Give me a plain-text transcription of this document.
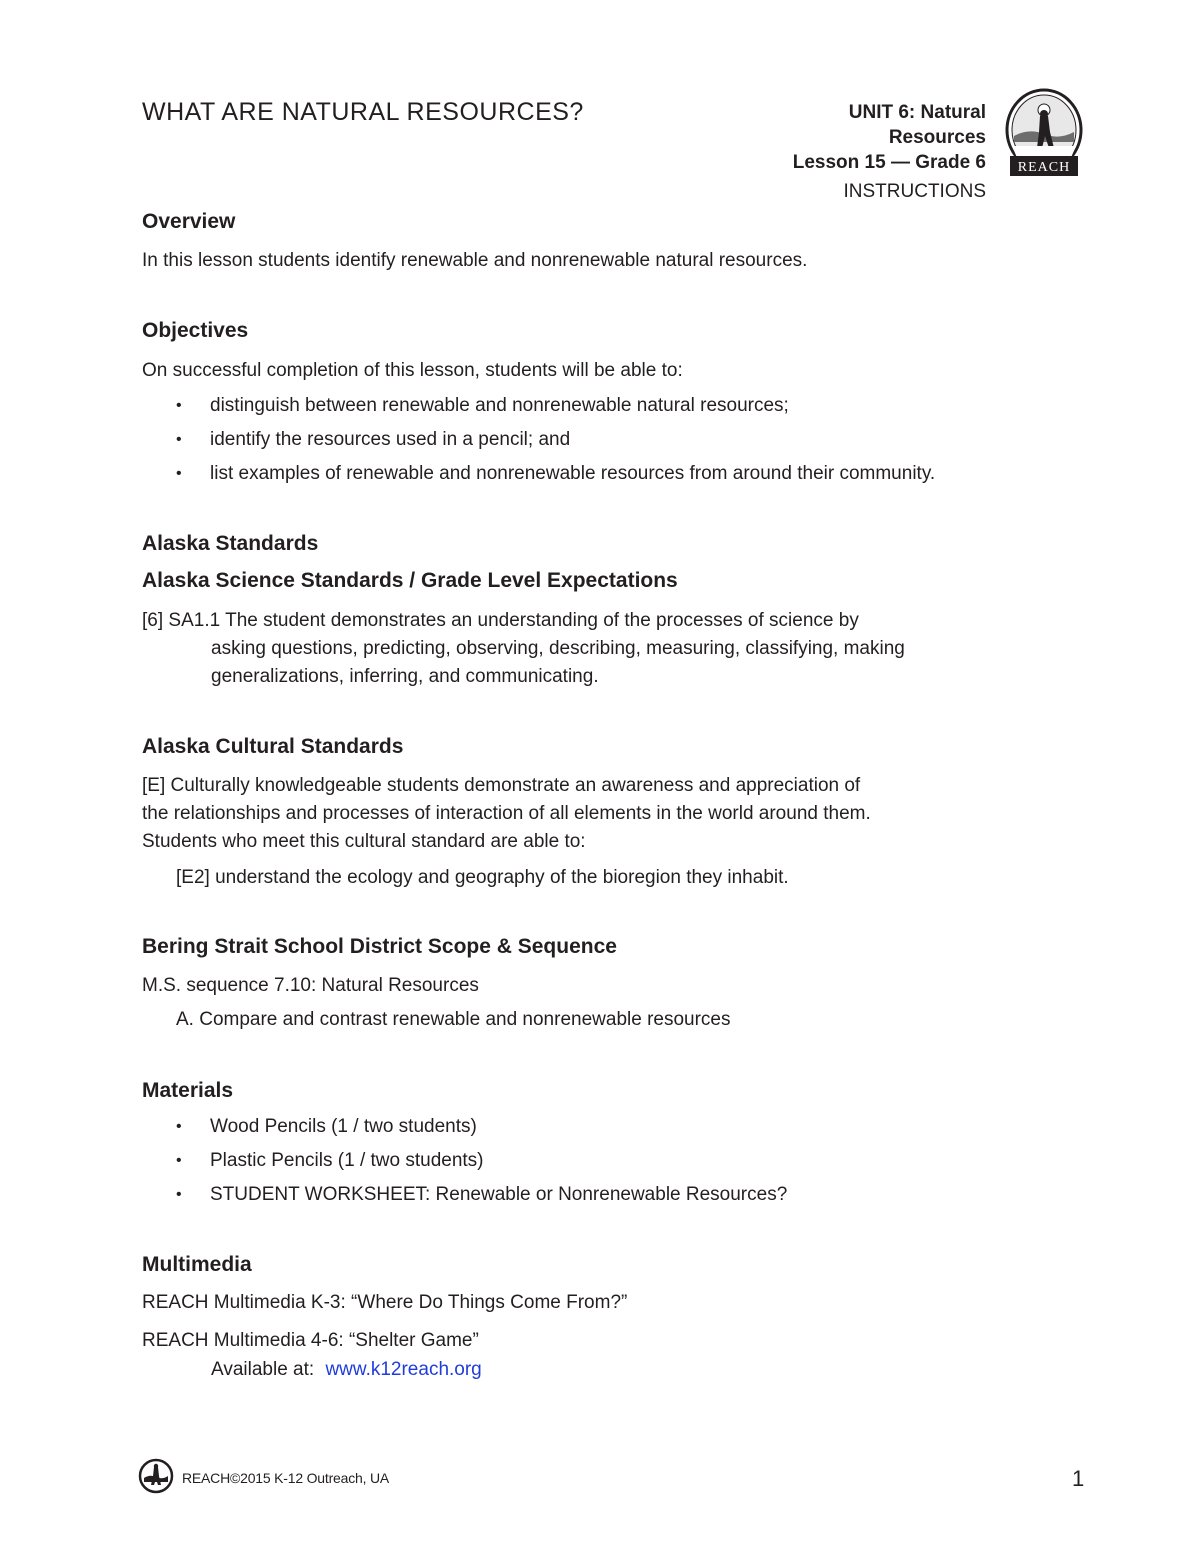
WHAT ARE NATURAL RESOURCES?	UNIT 6: Natural
Resources
Lesson 15 — Grade 6
INSTRUCTIONS
REACH
Overview
In this lesson students identify renewable and nonrenewable natural resources.
Objectives
On successful completion of this lesson, students will be able to:
• distinguish between renewable and nonrenewable natural resources;
• identify the resources used in a pencil; and
• list examples of renewable and nonrenewable resources from around their community.
Alaska Standards
Alaska Science Standards / Grade Level Expectations
[6] SA1.1 The student demonstrates an understanding of the processes of science by
asking questions, predicting, observing, describing, measuring, classifying, making
generalizations, inferring, and communicating.
Alaska Cultural Standards
[E] Culturally knowledgeable students demonstrate an awareness and appreciation of
the relationships and processes of interaction of all elements in the world around them.
Students who meet this cultural standard are able to:
[E2] understand the ecology and geography of the bioregion they inhabit.
Bering Strait School District Scope & Sequence
M.S. sequence 7.10: Natural Resources
A. Compare and contrast renewable and nonrenewable resources
Materials
• Wood Pencils (1 / two students)
• Plastic Pencils (1 / two students)
• STUDENT WORKSHEET: Renewable or Nonrenewable Resources?
Multimedia
REACH Multimedia K-3: “Where Do Things Come From?”
REACH Multimedia 4-6: “Shelter Game”
Available at: www.k12reach.org
REACH©2015 K-12 Outreach, UA	1
